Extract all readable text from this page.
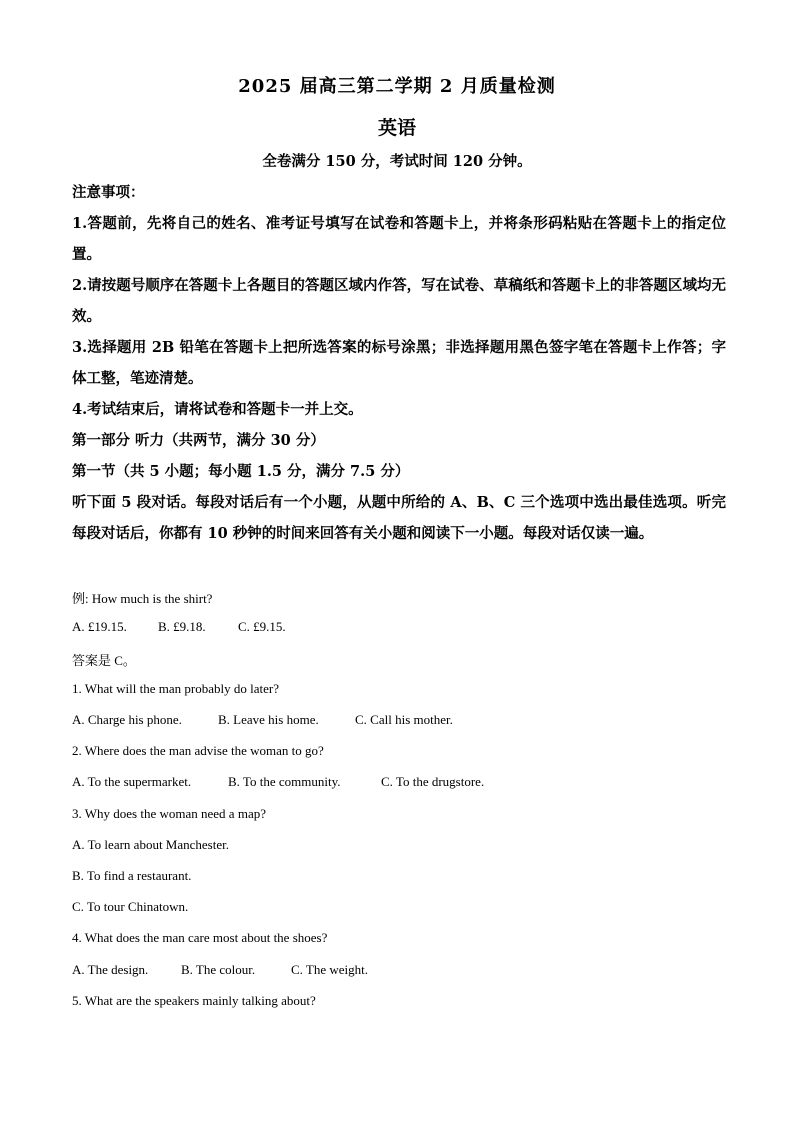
2025 届高三第二学期 2 月质量检测
英语
全卷满分 150 分，考试时间 120 分钟。
注意事项：
1.答题前，先将自己的姓名、准考证号填写在试卷和答题卡上，并将条形码粘贴在答题卡上的指定位置。
2.请按题号顺序在答题卡上各题目的答题区域内作答，写在试卷、草稿纸和答题卡上的非答题区域均无效。
3.选择题用 2B 铅笔在答题卡上把所选答案的标号涂黑；非选择题用黑色签字笔在答题卡上作答；字体工整，笔迹清楚。
4.考试结束后，请将试卷和答题卡一并上交。
第一部分 听力（共两节，满分 30 分）
第一节（共 5 小题；每小题 1.5 分，满分 7.5 分）
听下面 5 段对话。每段对话后有一个小题，从题中所给的 A、B、C 三个选项中选出最佳选项。听完每段对话后，你都有 10 秒钟的时间来回答有关小题和阅读下一小题。每段对话仅读一遍。
例: How much is the shirt?
A. £19.15. B. £9.18. C. £9.15.
答案是 C。
1. What will the man probably do later?
A. Charge his phone.	B. Leave his home.	C. Call his mother.
2. Where does the man advise the woman to go?
A. To the supermarket.	B. To the community.	C. To the drugstore.
3. Why does the woman need a map?
A. To learn about Manchester.
B. To find a restaurant.
C. To tour Chinatown.
4. What does the man care most about the shoes?
A. The design.	B. The colour.	C. The weight.
5. What are the speakers mainly talking about?
